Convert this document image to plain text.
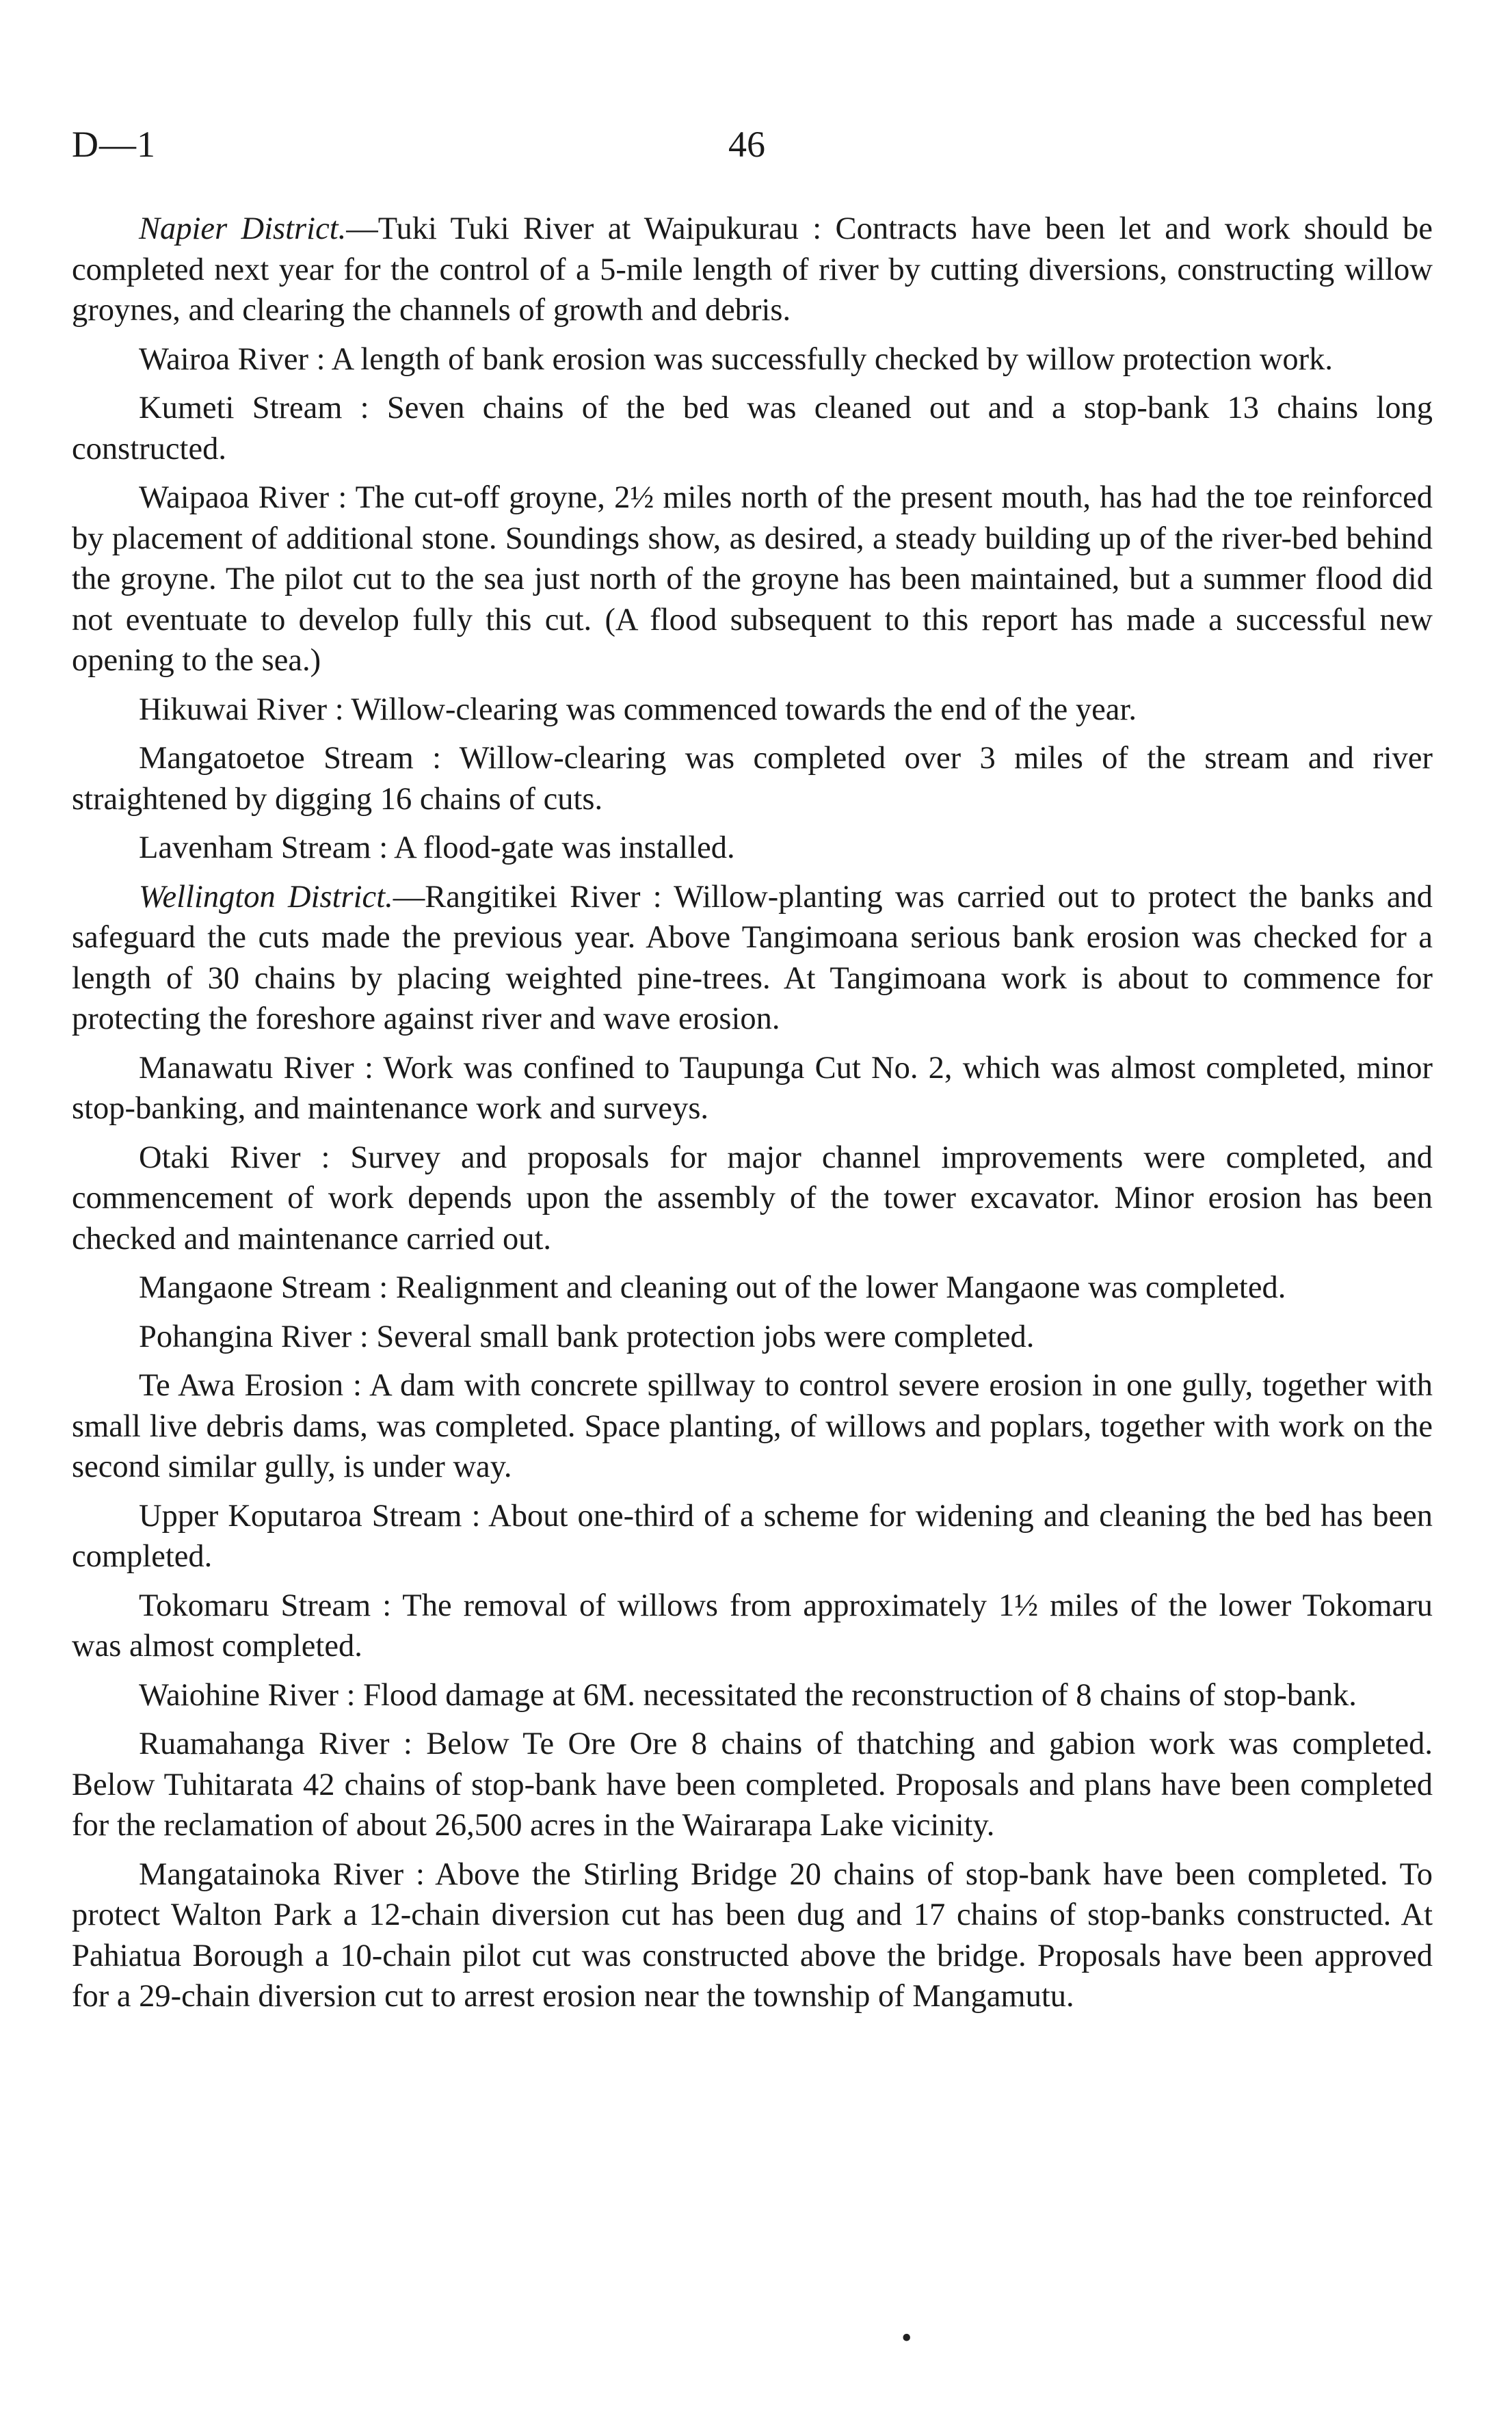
D—1	46

Napier District.—Tuki Tuki River at Waipukurau : Contracts have been let and work should be completed next year for the control of a 5-mile length of river by cutting diversions, constructing willow groynes, and clearing the channels of growth and debris.

Wairoa River : A length of bank erosion was successfully checked by willow protection work.

Kumeti Stream : Seven chains of the bed was cleaned out and a stop-bank 13 chains long constructed.

Waipaoa River : The cut-off groyne, 2½ miles north of the present mouth, has had the toe reinforced by placement of additional stone. Soundings show, as desired, a steady building up of the river-bed behind the groyne. The pilot cut to the sea just north of the groyne has been maintained, but a summer flood did not eventuate to develop fully this cut. (A flood subsequent to this report has made a successful new opening to the sea.)

Hikuwai River : Willow-clearing was commenced towards the end of the year.

Mangatoetoe Stream : Willow-clearing was completed over 3 miles of the stream and river straightened by digging 16 chains of cuts.

Lavenham Stream : A flood-gate was installed.

Wellington District.—Rangitikei River : Willow-planting was carried out to protect the banks and safeguard the cuts made the previous year. Above Tangimoana serious bank erosion was checked for a length of 30 chains by placing weighted pine-trees. At Tangimoana work is about to commence for protecting the foreshore against river and wave erosion.

Manawatu River : Work was confined to Taupunga Cut No. 2, which was almost completed, minor stop-banking, and maintenance work and surveys.

Otaki River : Survey and proposals for major channel improvements were completed, and commencement of work depends upon the assembly of the tower excavator. Minor erosion has been checked and maintenance carried out.

Mangaone Stream : Realignment and cleaning out of the lower Mangaone was completed.

Pohangina River : Several small bank protection jobs were completed.

Te Awa Erosion : A dam with concrete spillway to control severe erosion in one gully, together with small live debris dams, was completed. Space planting, of willows and poplars, together with work on the second similar gully, is under way.

Upper Koputaroa Stream : About one-third of a scheme for widening and cleaning the bed has been completed.

Tokomaru Stream : The removal of willows from approximately 1½ miles of the lower Tokomaru was almost completed.

Waiohine River : Flood damage at 6M. necessitated the reconstruction of 8 chains of stop-bank.

Ruamahanga River : Below Te Ore Ore 8 chains of thatching and gabion work was completed. Below Tuhitarata 42 chains of stop-bank have been completed. Proposals and plans have been completed for the reclamation of about 26,500 acres in the Wairarapa Lake vicinity.

Mangatainoka River : Above the Stirling Bridge 20 chains of stop-bank have been completed. To protect Walton Park a 12-chain diversion cut has been dug and 17 chains of stop-banks constructed. At Pahiatua Borough a 10-chain pilot cut was constructed above the bridge. Proposals have been approved for a 29-chain diversion cut to arrest erosion near the township of Mangamutu.

•
